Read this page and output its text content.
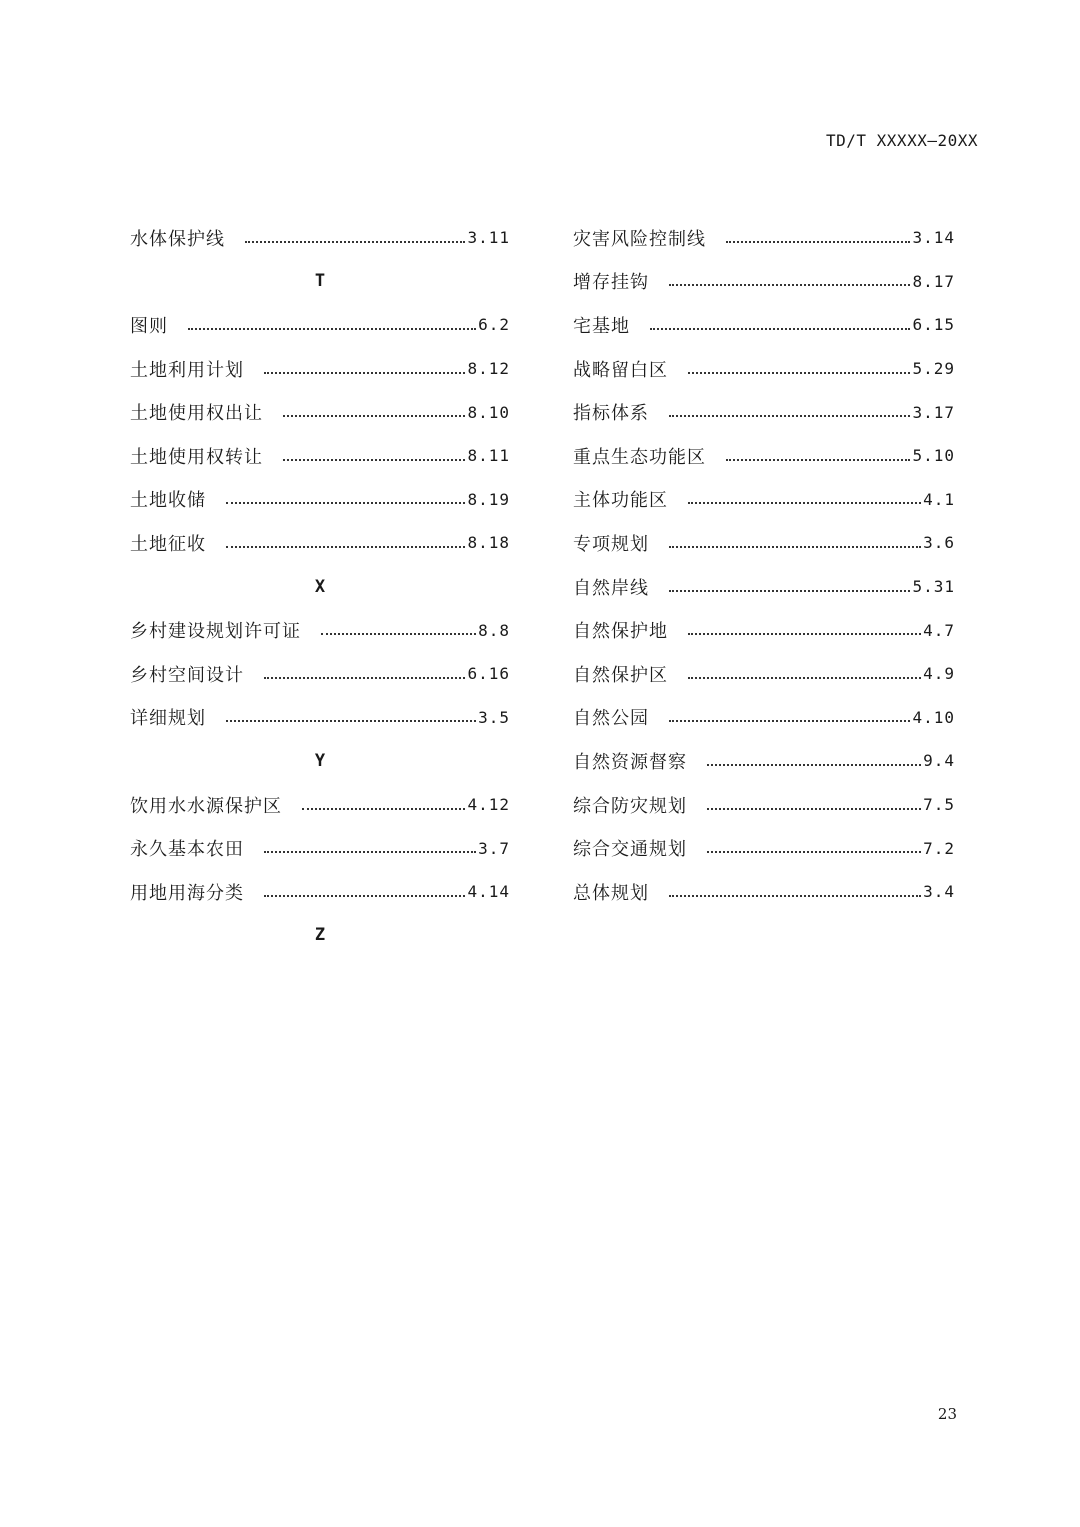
TD/T XXXXX—20XX
水体保护线	3.11
T
图则	6.2
土地利用计划	8.12
土地使用权出让	8.10
土地使用权转让	8.11
土地收储	8.19
土地征收	8.18
X
乡村建设规划许可证	8.8
乡村空间设计	6.16
详细规划	3.5
Y
饮用水水源保护区	4.12
永久基本农田	3.7
用地用海分类	4.14
Z
灾害风险控制线	3.14
增存挂钩	8.17
宅基地	6.15
战略留白区	5.29
指标体系	3.17
重点生态功能区	5.10
主体功能区	4.1
专项规划	3.6
自然岸线	5.31
自然保护地	4.7
自然保护区	4.9
自然公园	4.10
自然资源督察	9.4
综合防灾规划	7.5
综合交通规划	7.2
总体规划	3.4
23
